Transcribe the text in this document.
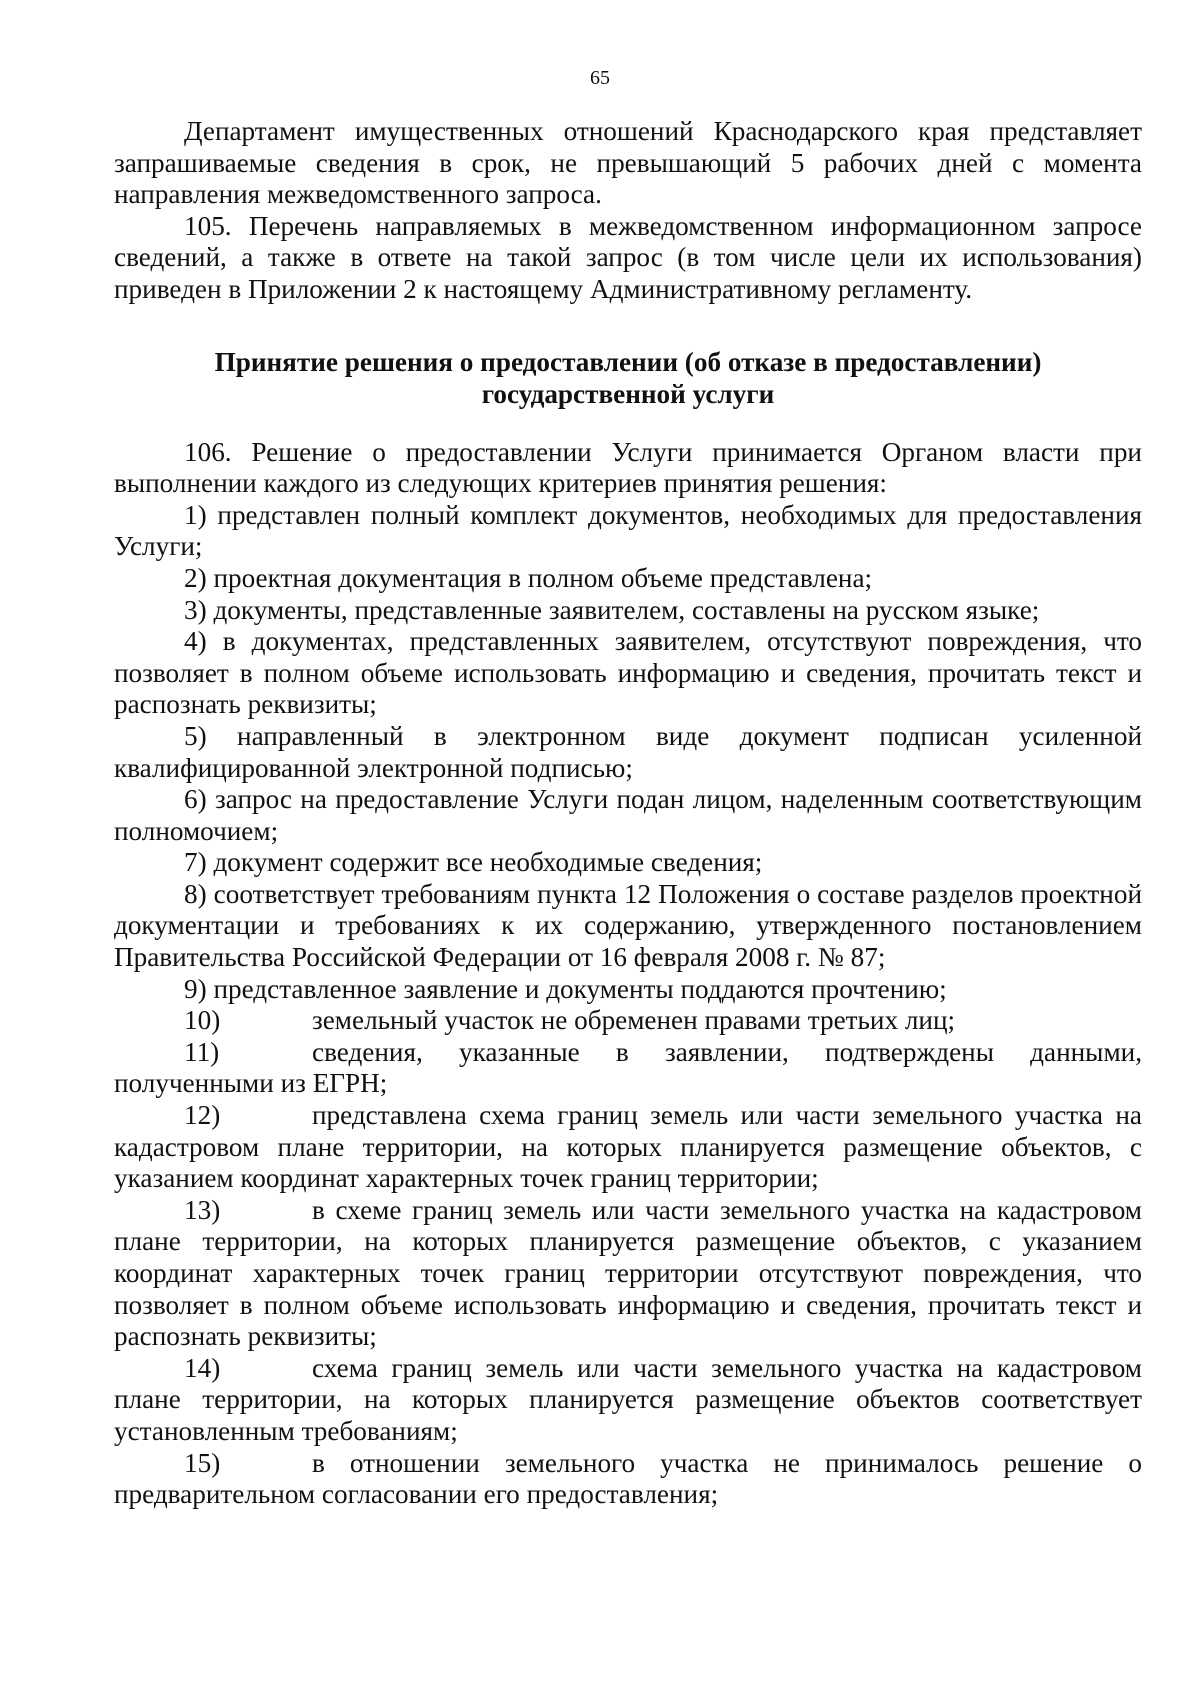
65

Департамент имущественных отношений Краснодарского края представляет запрашиваемые сведения в срок, не превышающий 5 рабочих дней с момента направления межведомственного запроса.

105. Перечень направляемых в межведомственном информационном запросе сведений, а также в ответе на такой запрос (в том числе цели их использования) приведен в Приложении 2 к настоящему Административному регламенту.

Принятие решения о предоставлении (об отказе в предоставлении)
государственной услуги

106. Решение о предоставлении Услуги принимается Органом власти при выполнении каждого из следующих критериев принятия решения:

1) представлен полный комплект документов, необходимых для предоставления Услуги;

2) проектная документация в полном объеме представлена;

3) документы, представленные заявителем, составлены на русском языке;

4) в документах, представленных заявителем, отсутствуют повреждения, что позволяет в полном объеме использовать информацию и сведения, прочитать текст и распознать реквизиты;

5) направленный в электронном виде документ подписан усиленной квалифицированной электронной подписью;

6) запрос на предоставление Услуги подан лицом, наделенным соответствующим полномочием;

7) документ содержит все необходимые сведения;

8) соответствует требованиям пункта 12 Положения о составе разделов проектной документации и требованиях к их содержанию, утвержденного постановлением Правительства Российской Федерации от 16 февраля 2008 г. № 87;

9) представленное заявление и документы поддаются прочтению;

10)	земельный участок не обременен правами третьих лиц;

11)	сведения, указанные в заявлении, подтверждены данными, полученными из ЕГРН;

12)	представлена схема границ земель или части земельного участка на кадастровом плане территории, на которых планируется размещение объектов, с указанием координат характерных точек границ территории;

13)	в схеме границ земель или части земельного участка на кадастровом плане территории, на которых планируется размещение объектов, с указанием координат характерных точек границ территории отсутствуют повреждения, что позволяет в полном объеме использовать информацию и сведения, прочитать текст и распознать реквизиты;

14)	схема границ земель или части земельного участка на кадастровом плане территории, на которых планируется размещение объектов соответствует установленным требованиям;

15)	в отношении земельного участка не принималось решение о предварительном согласовании его предоставления;
